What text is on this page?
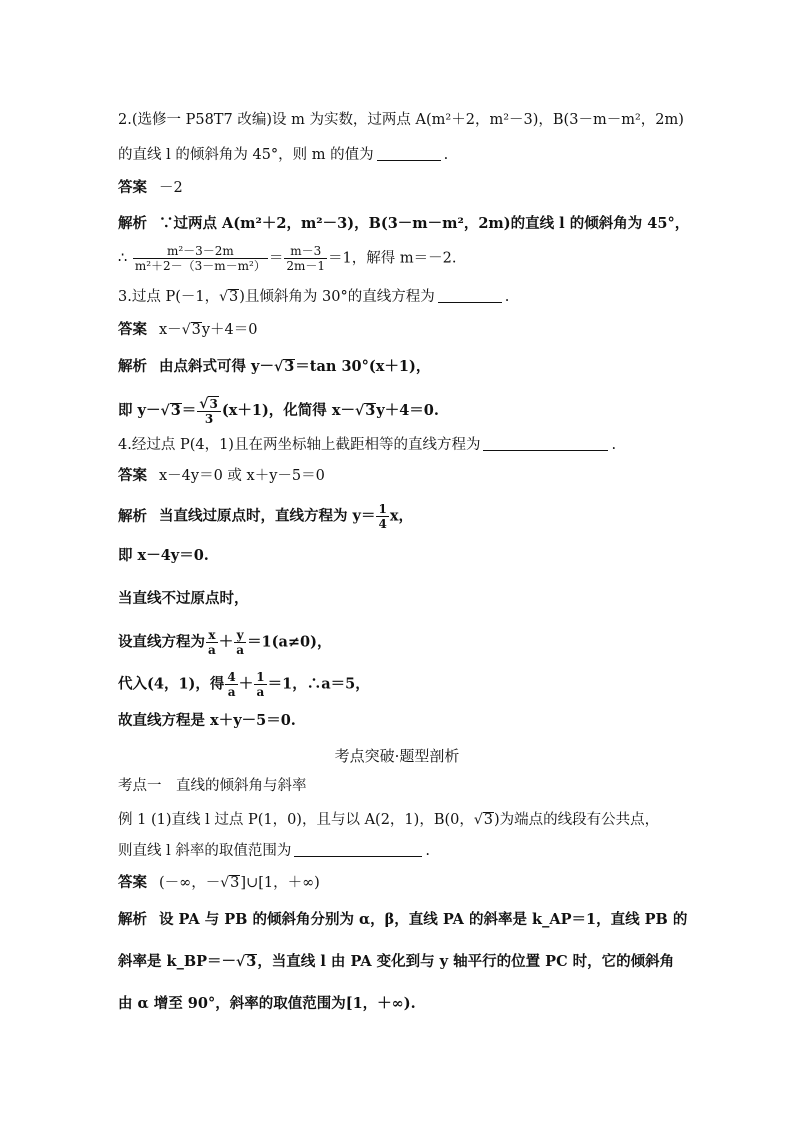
2.(选修一 P58T7 改编)设 m 为实数，过两点 A(m²＋2，m²－3)，B(3－m－m²，2m)
的直线 l 的倾斜角为 45°，则 m 的值为	.
答案 －2
解析 ∵过两点 A(m²＋2，m²－3)，B(3－m－m²，2m)的直线 l 的倾斜角为 45°，
∴ $\frac{\text{m²－3－2m}}{\text{m²＋2－（3－m－m²）}} = \frac{m-3}{2m-1} =1$，解得 m＝－2.
3.过点 P(－1，√3)且倾斜角为 30°的直线方程为	.
答案 x－√3y＋4＝0
解析 由点斜式可得 y－√3＝tan 30°(x＋1)，
即 $y-√3= \frac{√3}{3} (x+1)$，化简得 x－√3y＋4＝0.
4.经过点 P(4，1)且在两坐标轴上截距相等的直线方程为	.
答案 x－4y＝0 或 x＋y－5＝0
解析 当直线过原点时，直线方程为 $y= \frac{1}{4}$ x，
即 x－4y＝0.
当直线不过原点时，
设直线方程为 $\frac{x}{a} + \frac{y}{a} =1(a\ne 0)$，
代入(4，1)，得 $\frac{4}{a} + \frac{1}{a} =1$，∴a＝5，
故直线方程是 x＋y－5＝0.
考点突破·题型剖析
考点一　直线的倾斜角与斜率
例 1 (1)直线 l 过点 P(1，0)，且与以 A(2，1)，B(0，√3)为端点的线段有公共点，
则直线 l 斜率的取值范围为	.
答案 (－∞，－√3]∪[1，＋∞)
解析 设 PA 与 PB 的倾斜角分别为 α，β，直线 PA 的斜率是 k_AP＝1，直线 PB 的
斜率是 k_BP＝－√3，当直线 l 由 PA 变化到与 y 轴平行的位置 PC 时，它的倾斜角
由 α 增至 90°，斜率的取值范围为[1，＋∞).
